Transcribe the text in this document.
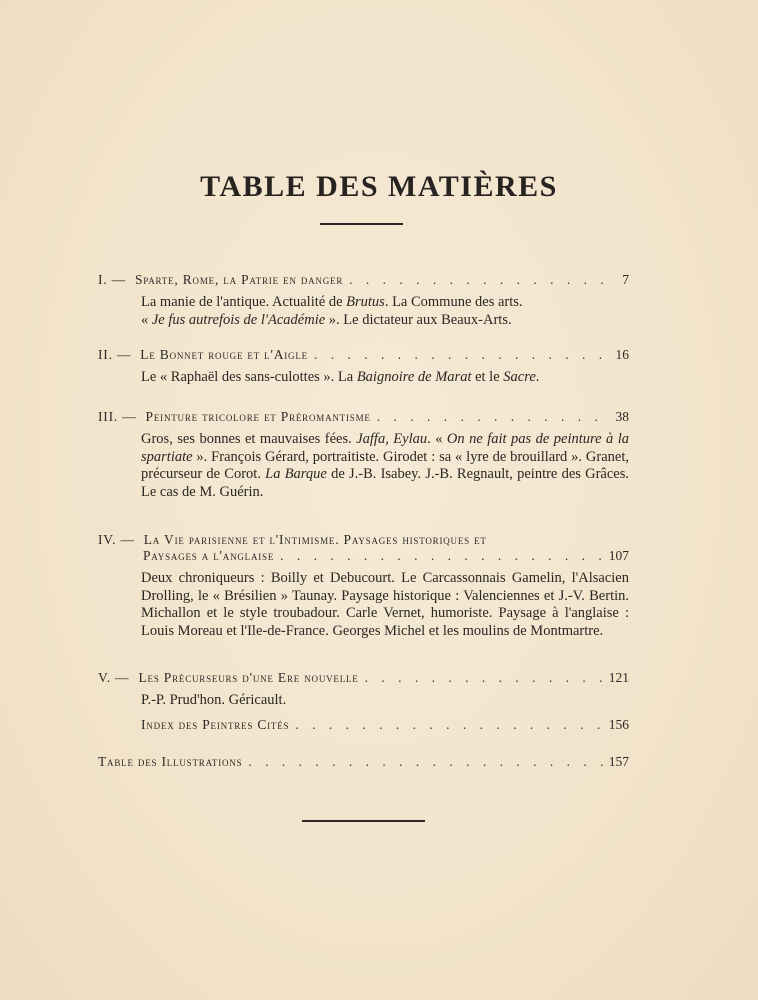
TABLE DES MATIÈRES
I. — Sparte, Rome, la Patrie en danger . . .	7

La manie de l'antique. Actualité de Brutus. La Commune des arts.

« Je fus autrefois de l'Académie ». Le dictateur aux Beaux-Arts.

II. — Le Bonnet rouge et l'Aigle . . .	16

Le « Raphaël des sans-culottes ». La Baignoire de Marat et le Sacre.

III. — Peinture tricolore et Préromantisme . . .	38

Gros, ses bonnes et mauvaises fées. Jaffa, Eylau. « On ne fait pas de peinture à la spartiate ». François Gérard, portraitiste. Girodet : sa « lyre de brouillard ». Granet, précurseur de Corot. La Barque de J.-B. Isabey. J.-B. Regnault, peintre des Grâces. Le cas de M. Guérin.

IV. — La Vie parisienne et l'Intimisme. Paysages historiques et
Paysages a l'anglaise . . .	107

Deux chroniqueurs : Boilly et Debucourt. Le Carcassonnais Gamelin, l'Alsacien Drolling, le « Brésilien » Taunay. Paysage historique : Valenciennes et J.-V. Bertin. Michallon et le style troubadour. Carle Vernet, humoriste. Paysage à l'anglaise : Louis Moreau et l'Ile-de-France. Georges Michel et les moulins de Montmartre.

V. — Les Précurseurs d'une Ere nouvelle . . .	121
P.-P. Prud'hon. Géricault.
Index des Peintres Cités . . .	156
Table des Illustrations . . .	157
